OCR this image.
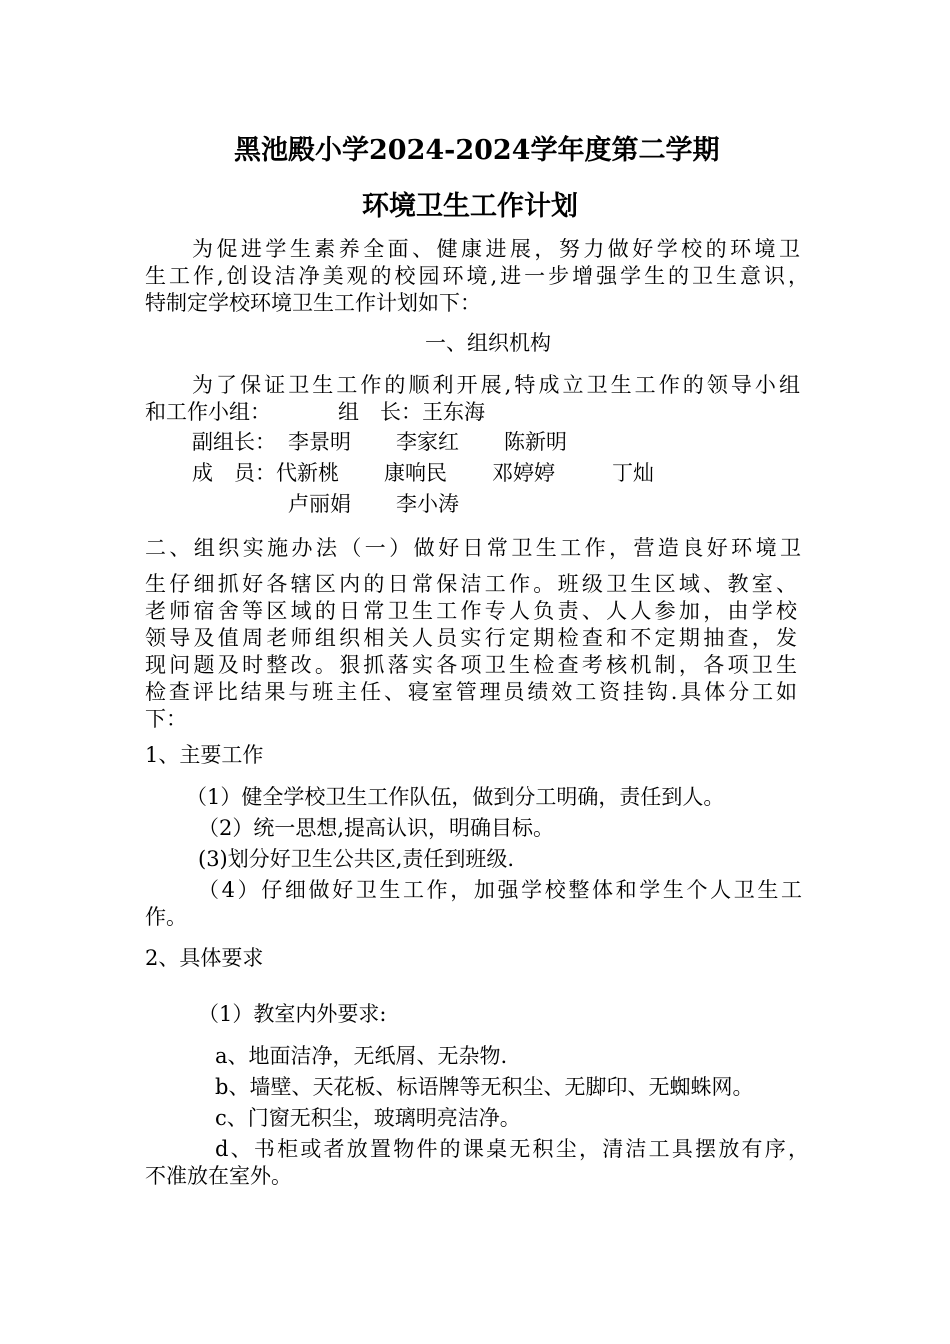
黑池殿小学2024-2024学年度第二学期
环境卫生工作计划
为促进学生素养全面、健康进展，努力做好学校的环境卫
生工作,创设洁净美观的校园环境,进一步增强学生的卫生意识，
特制定学校环境卫生工作计划如下：
一、组织机构
为了保证卫生工作的顺利开展,特成立卫生工作的领导小组
和工作小组：	组　长：王东海
副组长： 李景明 李家红 陈新明
成　员： 代新桃 康响民 邓婷婷	丁灿
卢丽娟 李小涛
二、组织实施办法（一）做好日常卫生工作，营造良好环境卫
生仔细抓好各辖区内的日常保洁工作。班级卫生区域、教室、
老师宿舍等区域的日常卫生工作专人负责、人人参加，由学校
领导及值周老师组织相关人员实行定期检查和不定期抽查，发
现问题及时整改。狠抓落实各项卫生检查考核机制，各项卫生
检查评比结果与班主任、寝室管理员绩效工资挂钩.具体分工如
下：
1、主要工作
（1）健全学校卫生工作队伍，做到分工明确，责任到人。
（2）统一思想,提高认识，明确目标。
(3)划分好卫生公共区,责任到班级.
（4）仔细做好卫生工作，加强学校整体和学生个人卫生工
作。
2、具体要求
（1）教室内外要求:
a、地面洁净，无纸屑、无杂物.
b、墙壁、天花板、标语牌等无积尘、无脚印、无蜘蛛网。
c、门窗无积尘，玻璃明亮洁净。
d、书柜或者放置物件的课桌无积尘，清洁工具摆放有序，
不准放在室外。
